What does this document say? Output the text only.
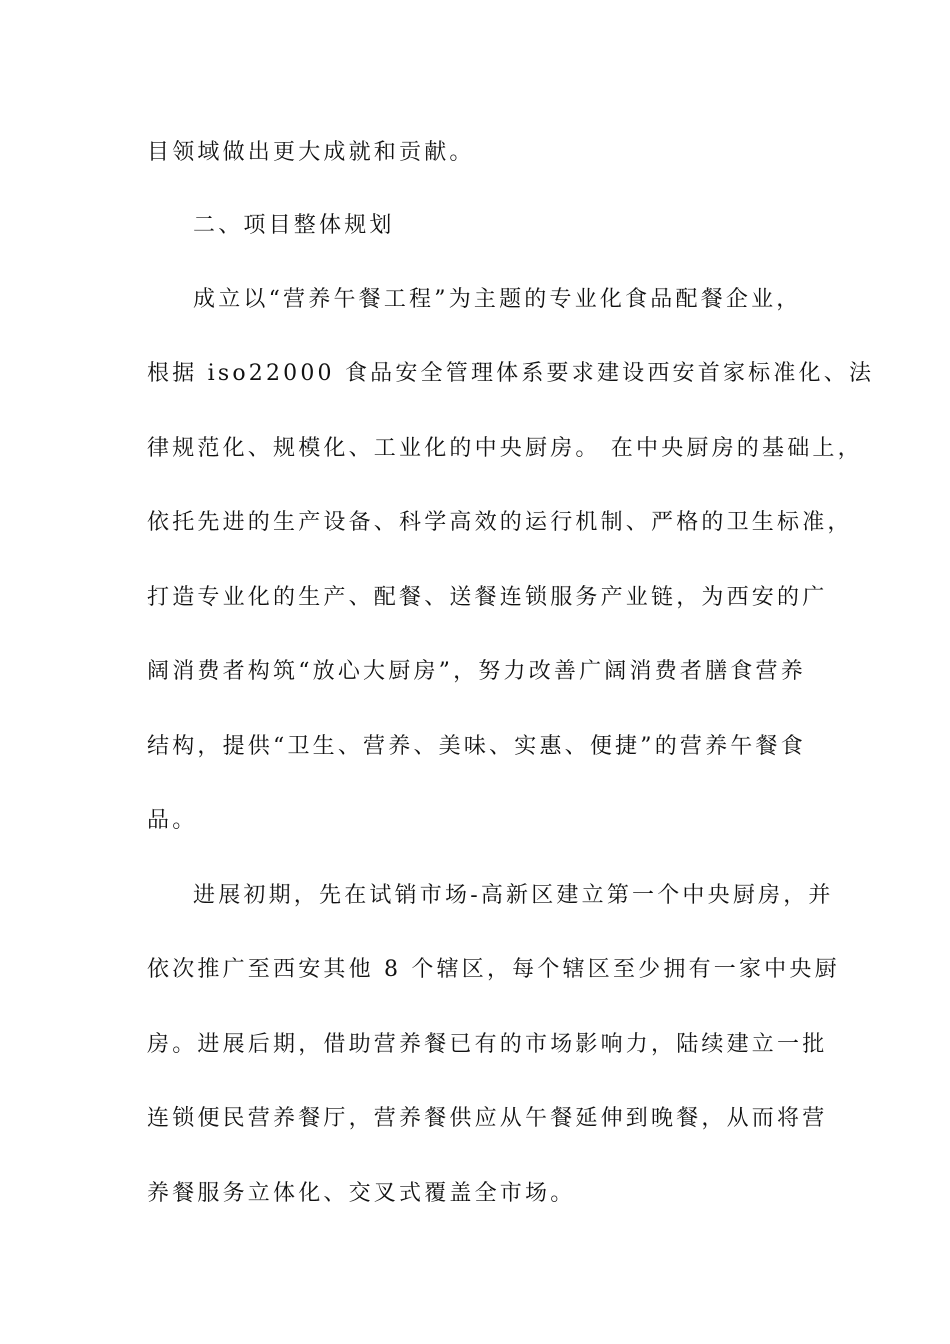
目领域做出更大成就和贡献。
二、项目整体规划
成立以“营养午餐工程”为主题的专业化食品配餐企业，
根据 iso22000 食品安全管理体系要求建设西安首家标准化、法
律规范化、规模化、工业化的中央厨房。 在中央厨房的基础上，
依托先进的生产设备、科学高效的运行机制、严格的卫生标准，
打造专业化的生产、配餐、送餐连锁服务产业链，为西安的广
阔消费者构筑“放心大厨房”，努力改善广阔消费者膳食营养
结构，提供“卫生、营养、美味、实惠、便捷”的营养午餐食
品。
进展初期，先在试销市场-高新区建立第一个中央厨房，并
依次推广至西安其他 8 个辖区，每个辖区至少拥有一家中央厨
房。进展后期，借助营养餐已有的市场影响力，陆续建立一批
连锁便民营养餐厅，营养餐供应从午餐延伸到晚餐，从而将营
养餐服务立体化、交叉式覆盖全市场。
